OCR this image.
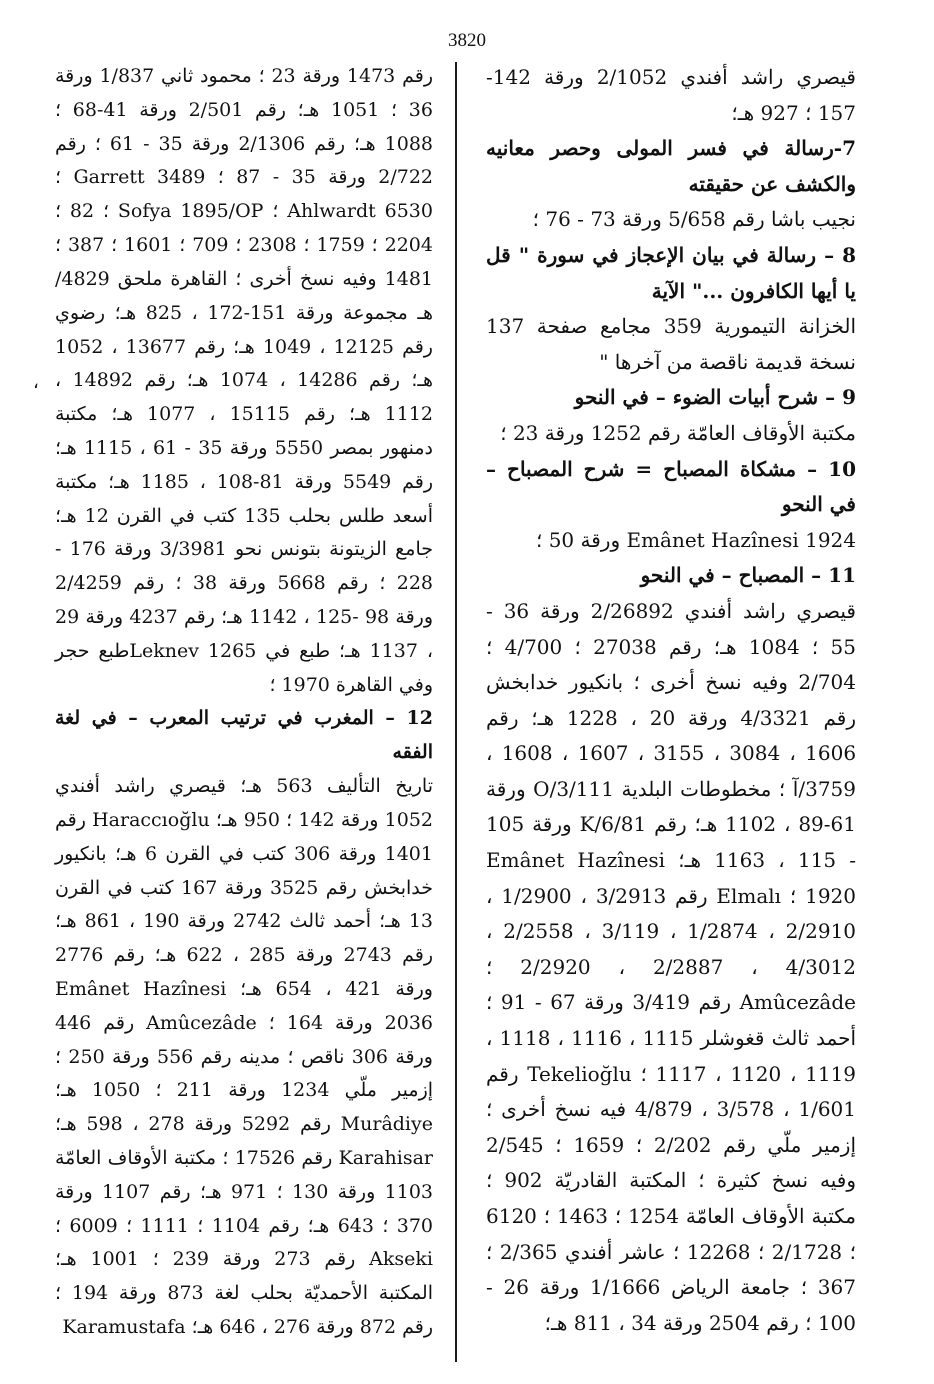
3820

قيصري راشد أفندي 2/1052 ورقة 142-157 ؛ 927 هـ؛

7-رسالة في فسر المولى وحصر معانيه والكشف عن حقيقته

نجيب باشا رقم 5/658 ورقة 73 - 76 ؛

8 – رسالة في بيان الإعجاز في سورة " قل يا أيها الكافرون ..." الآية

الخزانة التيمورية 359 مجامع صفحة 137 نسخة قديمة ناقصة من آخرها "

9 – شرح أبيات الضوء – في النحو

مكتبة الأوقاف العامّة رقم 1252 ورقة 23 ؛

10 – مشكاة المصباح = شرح المصباح – في النحو

Emânet Hazînesi 1924 ورقة 50 ؛

11 – المصباح – في النحو

قيصري راشد أفندي 2/26892 ورقة 36 - 55 ؛ 1084 هـ؛ رقم 27038 ؛ 4/700 ؛ 2/704 وفيه نسخ أخرى ؛ بانكيور خدابخش رقم 4/3321 ورقة 20 ، 1228 هـ؛ رقم 1606 ، 3084 ، 3155 ، 1607 ، 1608 ، 3759/آ ؛ مخطوطات البلدية 3/111/O ورقة 61-89 ، 1102 هـ؛ رقم 6/81/K ورقة 105 - 115 ، 1163 هـ؛ Emânet Hazînesi 1920 ؛ Elmalı رقم 3/2913 ، 1/2900 ، 2/2910 ، 1/2874 ، 3/119 ، 2/2558 ، 4/3012 ، 2/2887 ، 2/2920 ؛ Amûcezâde رقم 3/419 ورقة 67 - 91 ؛ أحمد ثالث قغوشلر 1115 ، 1116 ، 1118 ، 1119 ، 1120 ، 1117 ؛ Tekelioğlu رقم 1/601 ، 3/578 ، 4/879 فيه نسخ أخرى ؛ إزمير ملّي رقم 2/202 ؛ 1659 ؛ 2/545 وفيه نسخ كثيرة ؛ المكتبة القادريّة 902 ؛ مكتبة الأوقاف العامّة 1254 ؛ 1463 ؛ 6120 ؛ 2/1728 ؛ 12268 ؛ عاشر أفندي 2/365 ؛ 367 ؛ جامعة الرياض 1/1666 ورقة 26 - 100 ؛ رقم 2504 ورقة 34 ، 811 هـ؛

رقم 1473 ورقة 23 ؛ محمود ثاني 1/837 ورقة 36 ؛ 1051 هـ؛ رقم 2/501 ورقة 41-68 ؛ 1088 هـ؛ رقم 2/1306 ورقة 35 - 61 ؛ رقم 2/722 ورقة 35 - 87 ؛ Garrett 3489 ؛ Ahlwardt 6530 ؛ Sofya 1895/OP ؛ 82 ؛ 2204 ؛ 1759 ؛ 2308 ؛ 709 ؛ 1601 ؛ 387 ؛ 1481 وفيه نسخ أخرى ؛ القاهرة ملحق 4829/هـ مجموعة ورقة 151-172 ، 825 هـ؛ رضوي رقم 12125 ، 1049 هـ؛ رقم 13677 ، 1052 هـ؛ رقم 14286 ، 1074 هـ؛ رقم 14892 ، 1112 هـ؛ رقم 15115 ، 1077 هـ؛ مكتبة دمنهور بمصر 5550 ورقة 35 - 61 ، 1115 هـ؛ رقم 5549 ورقة 81-108 ، 1185 هـ؛ مكتبة أسعد طلس بحلب 135 كتب في القرن 12 هـ؛ جامع الزيتونة بتونس نحو 3/3981 ورقة 176 - 228 ؛ رقم 5668 ورقة 38 ؛ رقم 2/4259 ورقة 98 -125 ، 1142 هـ؛ رقم 4237 ورقة 29 ، 1137 هـ؛ طبع في Leknev 1265طبع حجر وفي القاهرة 1970 ؛

12 – المغرب في ترتيب المعرب – في لغة الفقه

تاريخ التأليف 563 هـ؛ قيصري راشد أفندي 1052 ورقة 142 ؛ 950 هـ؛ Haraccıoğlu رقم 1401 ورقة 306 كتب في القرن 6 هـ؛ بانكيور خدابخش رقم 3525 ورقة 167 كتب في القرن 13 هـ؛ أحمد ثالث 2742 ورقة 190 ، 861 هـ؛ رقم 2743 ورقة 285 ، 622 هـ؛ رقم 2776 ورقة 421 ، 654 هـ؛ Emânet Hazînesi 2036 ورقة 164 ؛ Amûcezâde رقم 446 ورقة 306 ناقص ؛ مدينه رقم 556 ورقة 250 ؛ إزمير ملّي 1234 ورقة 211 ؛ 1050 هـ؛ Murâdiye رقم 5292 ورقة 278 ، 598 هـ؛ Karahisar رقم 17526 ؛ مكتبة الأوقاف العامّة 1103 ورقة 130 ؛ 971 هـ؛ رقم 1107 ورقة 370 ؛ 643 هـ؛ رقم 1104 ؛ 1111 ؛ 6009 ؛ Akseki رقم 273 ورقة 239 ؛ 1001 هـ؛ المكتبة الأحمديّة بحلب لغة 873 ورقة 194 ؛ رقم 872 ورقة 276 ، 646 هـ؛ Karamustafa

،
